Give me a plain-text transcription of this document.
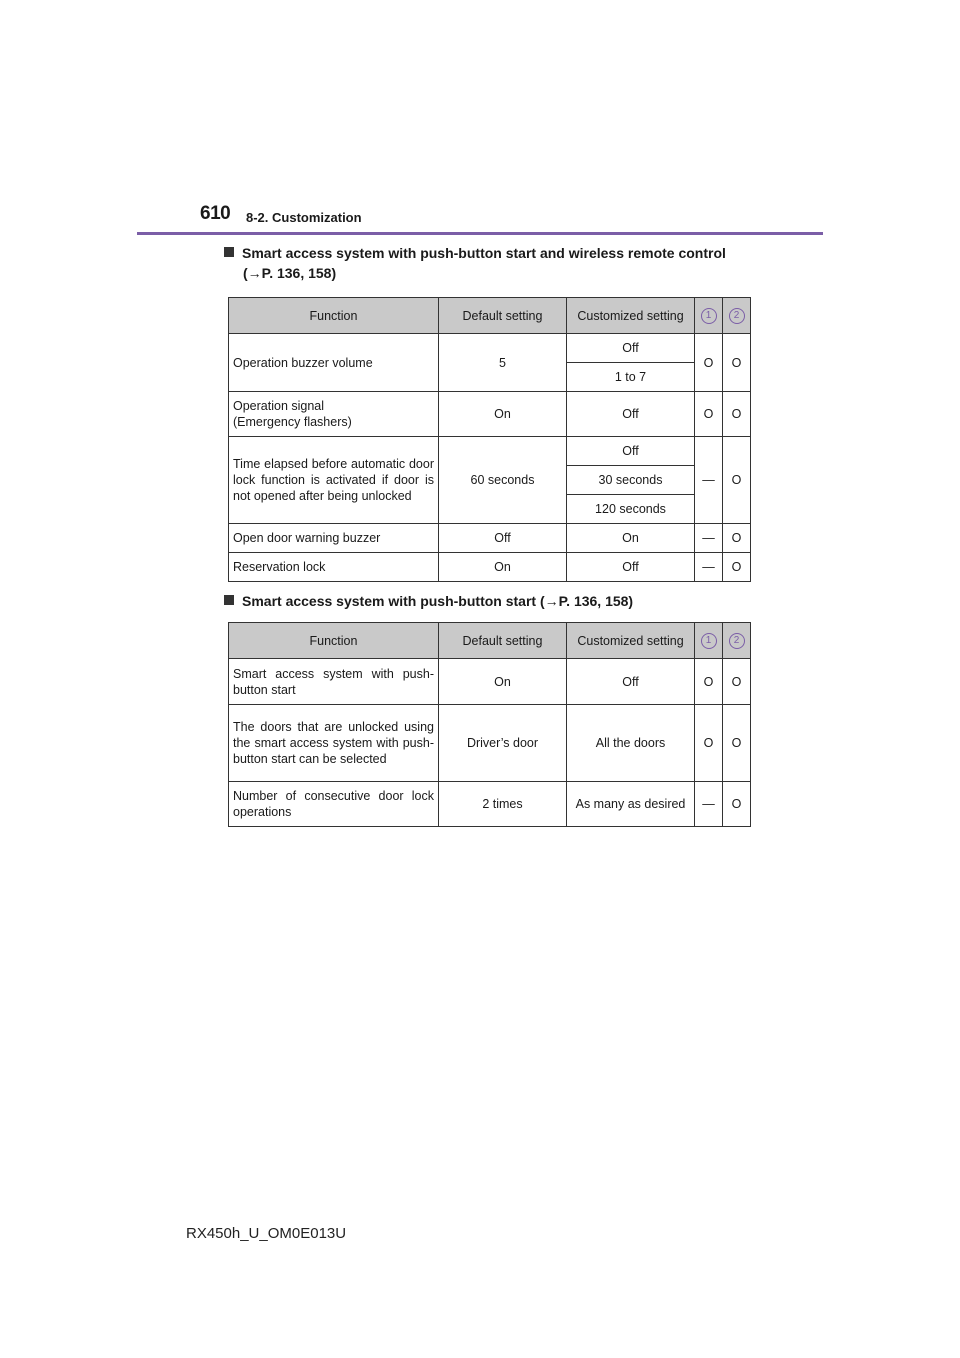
610 8-2. Customization
Smart access system with push-button start and wireless remote control
(→P. 136, 158)
Function	Default setting	Customized setting	1	2
Operation buzzer volume	5	Off	O	O
		1 to 7		
Operation signal
(Emergency flashers)	On	Off	O	O
Time elapsed before automatic door lock function is activated if door is not opened after being unlocked	60 seconds	Off	—	O
		30 seconds		
		120 seconds		
Open door warning buzzer	Off	On	—	O
Reservation lock	On	Off	—	O
Smart access system with push-button start (→P. 136, 158)
Function	Default setting	Customized setting	1	2
Smart access system with push-button start	On	Off	O	O
The doors that are unlocked using the smart access system with push-button start can be selected	Driver’s door	All the doors	O	O
Number of consecutive door lock operations	2 times	As many as desired	—	O
RX450h_U_OM0E013U
